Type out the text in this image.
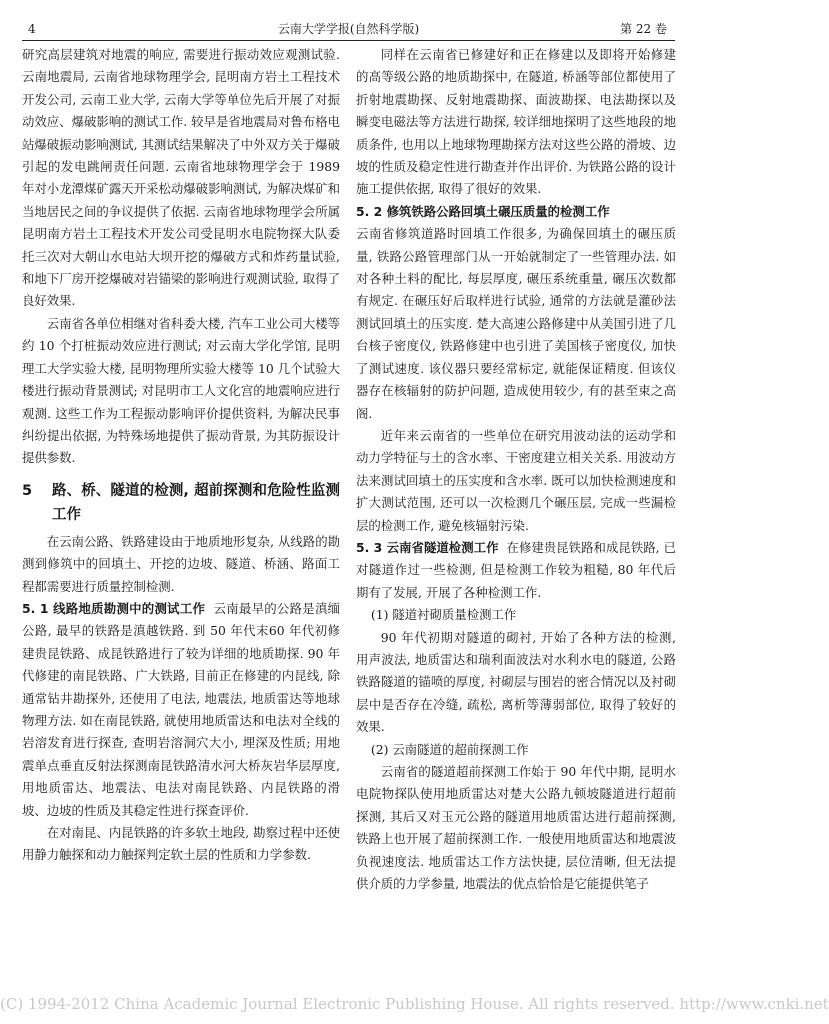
4	云南大学学报(自然科学版)	第 22 卷

研究高层建筑对地震的响应, 需要进行振动效应观测试验. 云南地震局, 云南省地球物理学会, 昆明南方岩土工程技术开发公司, 云南工业大学, 云南大学等单位先后开展了对振动效应、爆破影响的测试工作. 较早是省地震局对鲁布格电站爆破振动影响测试, 其测试结果解决了中外双方关于爆破引起的发电跳闸责任问题. 云南省地球物理学会于 1989 年对小龙潭煤矿露天开采松动爆破影响测试, 为解决煤矿和当地居民之间的争议提供了依据. 云南省地球物理学会所属昆明南方岩土工程技术开发公司受昆明水电院物探大队委托三次对大朝山水电站大坝开挖的爆破方式和炸药量试验, 和地下厂房开挖爆破对岩锚梁的影响进行观测试验, 取得了良好效果.

云南省各单位相继对省科委大楼, 汽车工业公司大楼等约 10 个打桩振动效应进行测试; 对云南大学化学馆, 昆明理工大学实验大楼, 昆明物理所实验大楼等 10 几个试验大楼进行振动背景测试; 对昆明市工人文化宫的地震响应进行观测. 这些工作为工程振动影响评价提供资料, 为解决民事纠纷提出依据, 为特殊场地提供了振动背景, 为其防振设计提供参数.

5	路、桥、隧道的检测, 超前探测和危险性监测工作

在云南公路、铁路建设由于地质地形复杂, 从线路的勘测到修筑中的回填土、开挖的边坡、隧道、桥涵、路面工程都需要进行质量控制检测.

5. 1 线路地质勘测中的测试工作 云南最早的公路是滇缅公路, 最早的铁路是滇越铁路. 到 50 年代末60 年代初修建贵昆铁路、成昆铁路进行了较为详细的地质勘探. 90 年代修建的南昆铁路、广大铁路, 目前正在修建的内昆线, 除通常钻井勘探外, 还使用了电法, 地震法, 地质雷达等地球物理方法. 如在南昆铁路, 就使用地质雷达和电法对全线的岩溶发育进行探查, 查明岩溶洞穴大小, 埋深及性质; 用地震单点垂直反射法探测南昆铁路清水河大桥灰岩华层厚度, 用地质雷达、地震法、电法对南昆铁路、内昆铁路的滑坡、边坡的性质及其稳定性进行探查评价.

在对南昆、内昆铁路的许多软土地段, 勘察过程中还使用静力触探和动力触探判定软土层的性质和力学参数.

同样在云南省已修建好和正在修建以及即将开始修建的高等级公路的地质勘探中, 在隧道, 桥涵等部位都使用了折射地震勘探、反射地震勘探、面波勘探、电法勘探以及瞬变电磁法等方法进行勘探, 较详细地探明了这些地段的地质条件, 也用以上地球物理勘探方法对这些公路的滑坡、边坡的性质及稳定性进行勘查并作出评价. 为铁路公路的设计施工提供依据, 取得了很好的效果.

5. 2 修筑铁路公路回填土碾压质量的检测工作

云南省修筑道路时回填工作很多, 为确保回填土的碾压质量, 铁路公路管理部门从一开始就制定了一些管理办法. 如对各种土料的配比, 每层厚度, 碾压系统重量, 碾压次数都有规定. 在碾压好后取样进行试验, 通常的方法就是灌砂法测试回填土的压实度. 楚大高速公路修建中从美国引进了几台核子密度仪, 铁路修建中也引进了美国核子密度仪, 加快了测试速度. 该仪器只要经常标定, 就能保证精度. 但该仪器存在核辐射的防护问题, 造成使用较少, 有的甚至束之高阁.

近年来云南省的一些单位在研究用波动法的运动学和动力学特征与土的含水率、干密度建立相关关系. 用波动方法来测试回填土的压实度和含水率. 既可以加快检测速度和扩大测试范围, 还可以一次检测几个碾压层, 完成一些漏检层的检测工作, 避免核辐射污染.

5. 3 云南省隧道检测工作 在修建贵昆铁路和成昆铁路, 已对隧道作过一些检测, 但是检测工作较为粗糙, 80 年代后期有了发展, 开展了各种检测工作.

(1) 隧道衬砌质量检测工作

90 年代初期对隧道的砌衬, 开始了各种方法的检测, 用声波法, 地质雷达和瑞利面波法对水利水电的隧道, 公路铁路隧道的锚喷的厚度, 衬砌层与围岩的密合情况以及衬砌层中是否存在冷缝, 疏松, 离析等薄弱部位, 取得了较好的效果.

(2) 云南隧道的超前探测工作

云南省的隧道超前探测工作始于 90 年代中期, 昆明水电院物探队使用地质雷达对楚大公路九顿坡隧道进行超前探测, 其后又对玉元公路的隧道用地质雷达进行超前探测, 铁路上也开展了超前探测工作. 一般使用地质雷达和地震波负视速度法. 地质雷达工作方法快捷, 层位清晰, 但无法提供介质的力学参量, 地震法的优点恰恰是它能提供笔子

(C) 1994-2012 China Academic Journal Electronic Publishing House. All rights reserved. http://www.cnki.net
